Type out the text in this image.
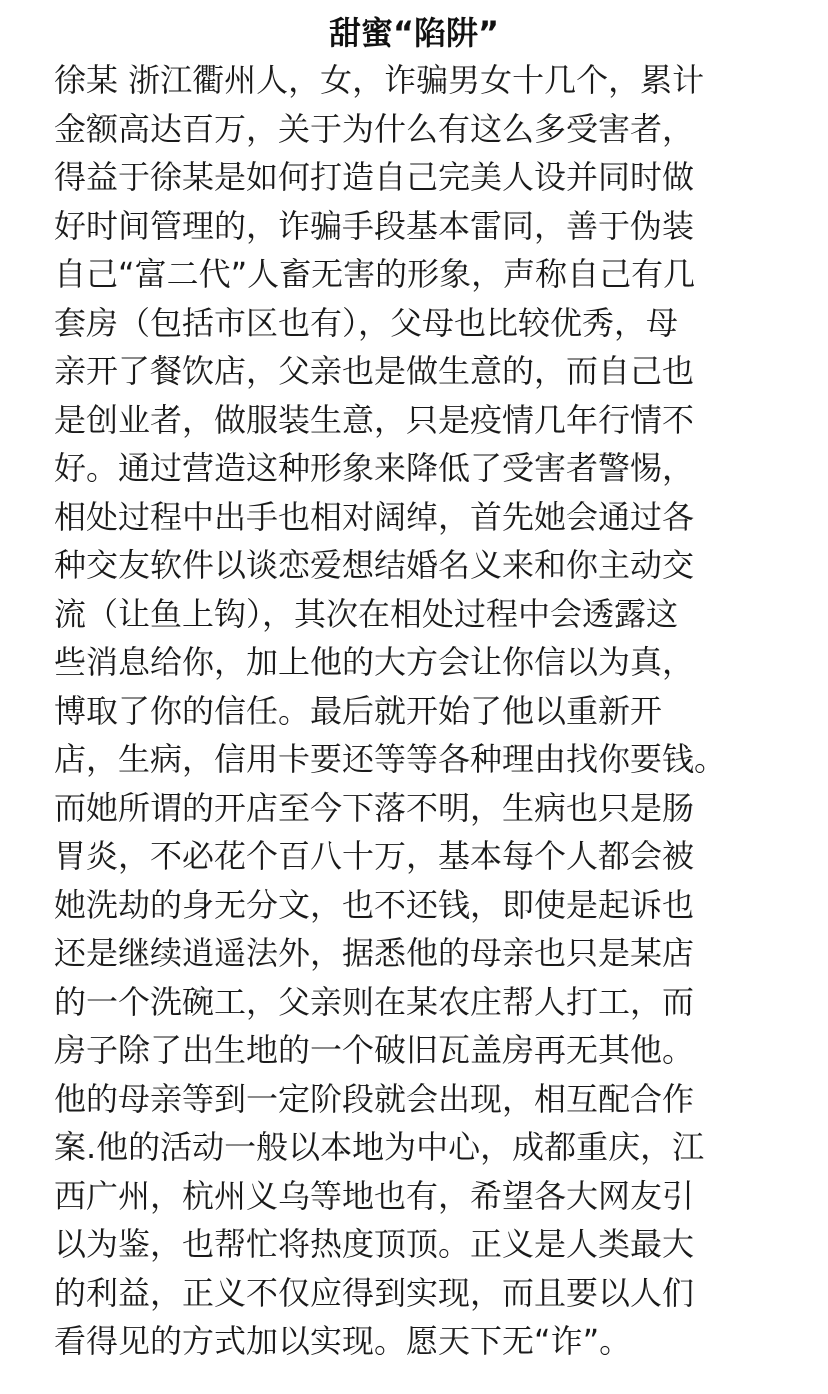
甜蜜“陷阱”
徐某 浙江衢州人，女，诈骗男女十几个，累计
金额高达百万，关于为什么有这么多受害者，
得益于徐某是如何打造自己完美人设并同时做
好时间管理的，诈骗手段基本雷同，善于伪装
自己“富二代”人畜无害的形象，声称自己有几
套房（包括市区也有），父母也比较优秀，母
亲开了餐饮店，父亲也是做生意的，而自己也
是创业者，做服装生意，只是疫情几年行情不
好。通过营造这种形象来降低了受害者警惕，
相处过程中出手也相对阔绰，首先她会通过各
种交友软件以谈恋爱想结婚名义来和你主动交
流（让鱼上钩），其次在相处过程中会透露这
些消息给你，加上他的大方会让你信以为真，
博取了你的信任。最后就开始了他以重新开
店，生病，信用卡要还等等各种理由找你要钱。
而她所谓的开店至今下落不明，生病也只是肠
胃炎，不必花个百八十万，基本每个人都会被
她洗劫的身无分文，也不还钱，即使是起诉也
还是继续逍遥法外，据悉他的母亲也只是某店
的一个洗碗工，父亲则在某农庄帮人打工，而
房子除了出生地的一个破旧瓦盖房再无其他。
他的母亲等到一定阶段就会出现，相互配合作
案.他的活动一般以本地为中心，成都重庆，江
西广州，杭州义乌等地也有，希望各大网友引
以为鉴，也帮忙将热度顶顶。正义是人类最大
的利益，正义不仅应得到实现，而且要以人们
看得见的方式加以实现。愿天下无“诈”。
